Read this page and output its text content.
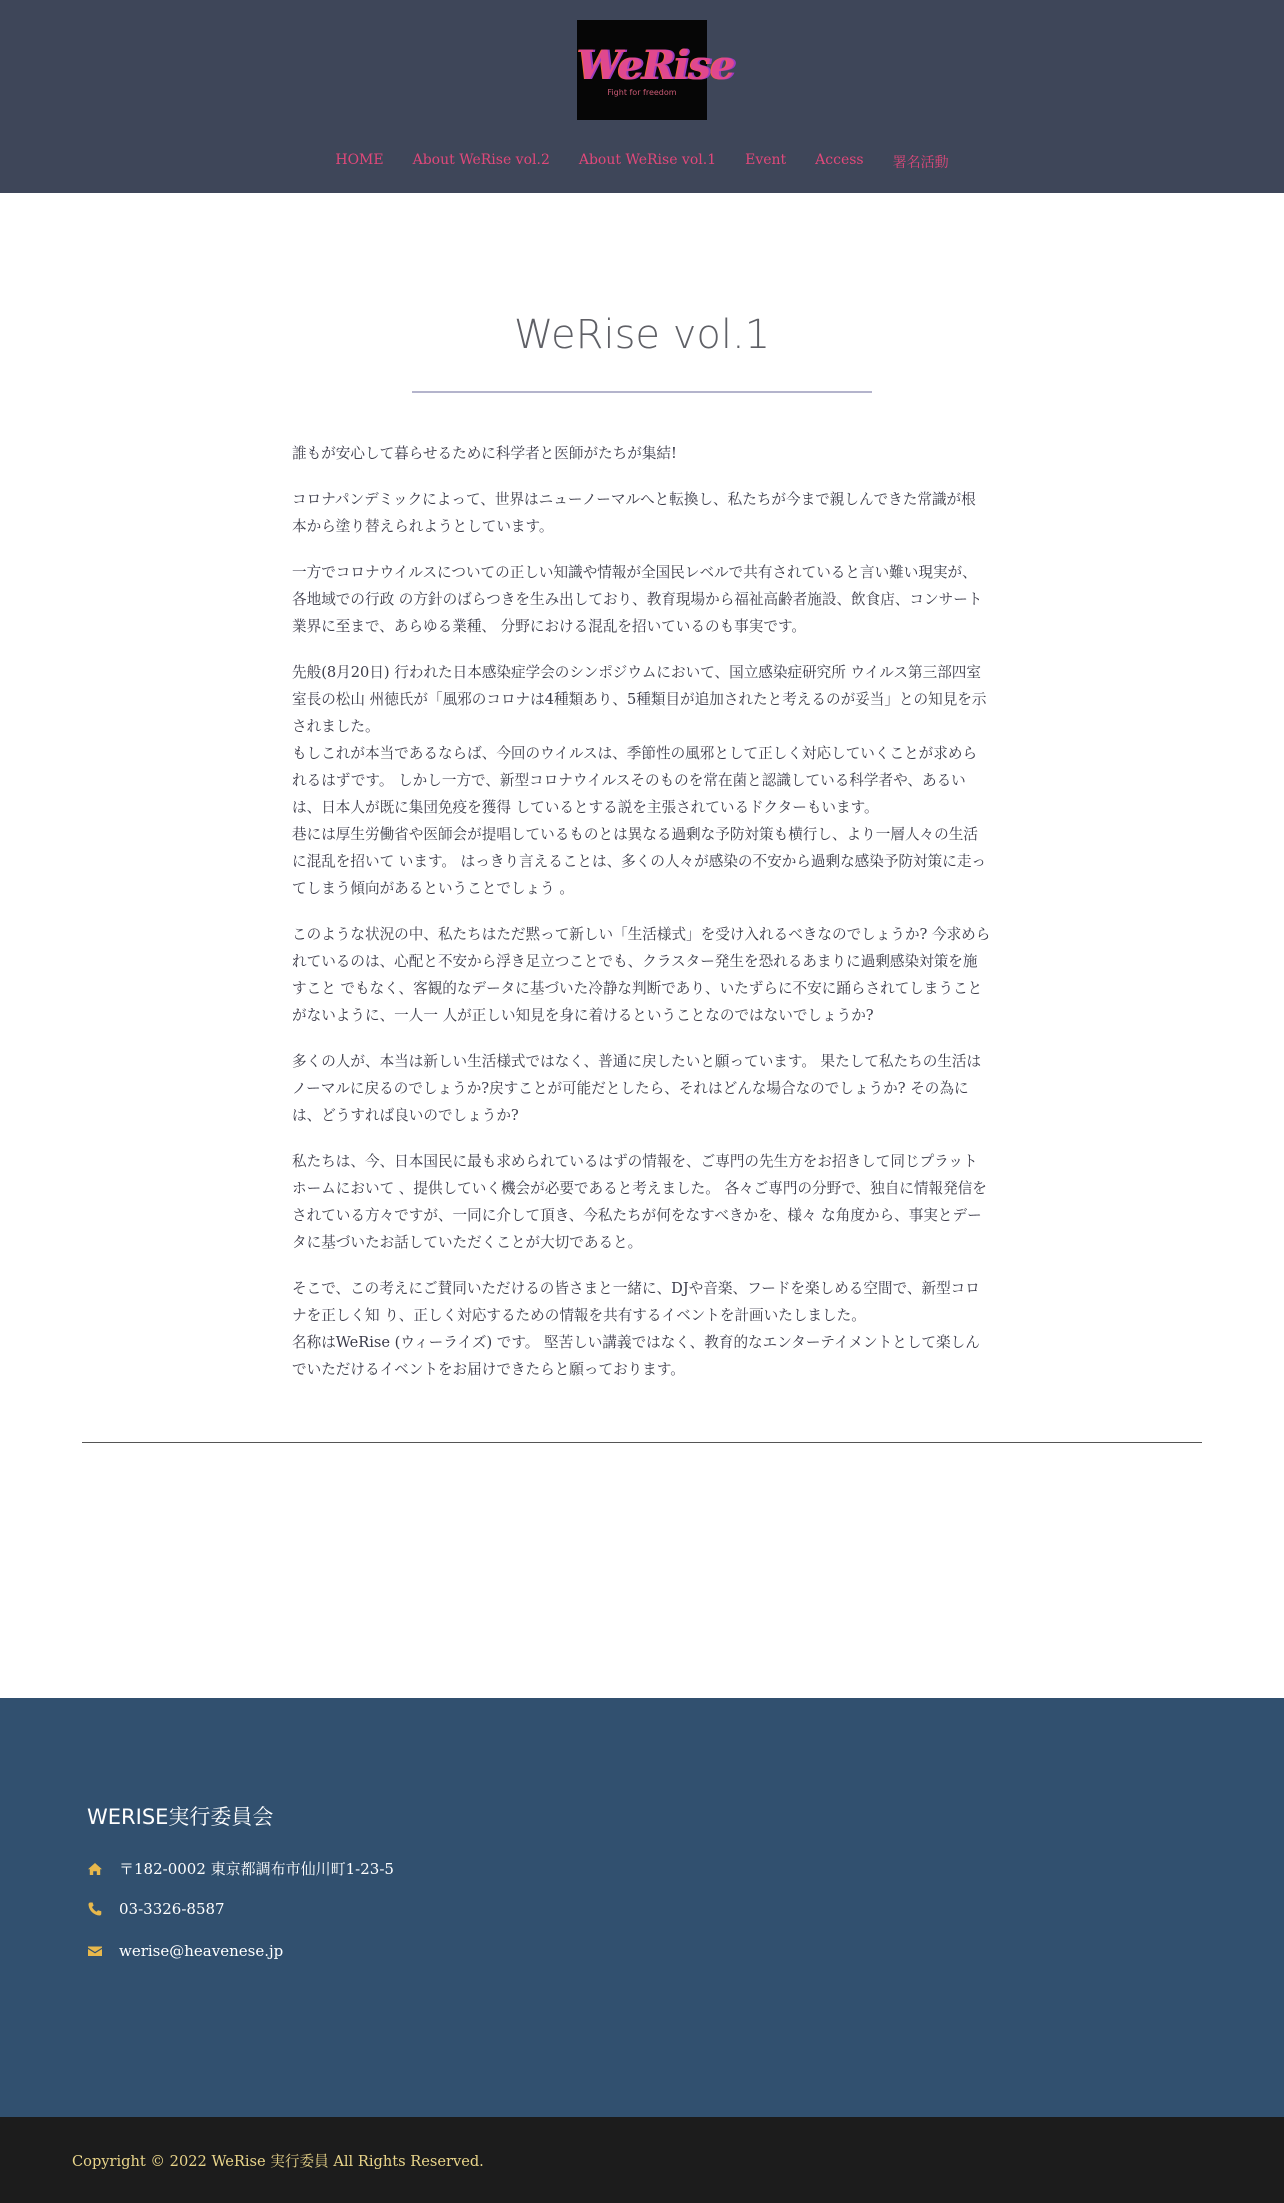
WeRise
Fight for freedom
HOME About WeRise vol.2 About WeRise vol.1 Event Access 署名活動
WeRise vol.1

誰もが安心して暮らせるために科学者と医師がたちが集結!

コロナパンデミックによって、世界はニューノーマルへと転換し、私たちが今まで親しんできた常識が根
本から塗り替えられようとしています。

一方でコロナウイルスについての正しい知識や情報が全国民レベルで共有されていると言い難い現実が、
各地域での行政 の方針のばらつきを生み出しており、教育現場から福祉高齢者施設、飲食店、コンサート
業界に至まで、あらゆる業種、 分野における混乱を招いているのも事実です。

先般(8月20日) 行われた日本感染症学会のシンポジウムにおいて、国立感染症研究所 ウイルス第三部四室
室長の松山 州徳氏が「風邪のコロナは4種類あり、5種類目が追加されたと考えるのが妥当」との知見を示
されました。
もしこれが本当であるならば、今回のウイルスは、季節性の風邪として正しく対応していくことが求めら
れるはずです。 しかし一方で、新型コロナウイルスそのものを常在菌と認識している科学者や、あるい
は、日本人が既に集団免疫を獲得 しているとする説を主張されているドクターもいます。
巷には厚生労働省や医師会が提唱しているものとは異なる過剰な予防対策も横行し、より一層人々の生活
に混乱を招いて います。 はっきり言えることは、多くの人々が感染の不安から過剰な感染予防対策に走っ
てしまう傾向があるということでしょう 。

このような状況の中、私たちはただ黙って新しい「生活様式」を受け入れるべきなのでしょうか? 今求めら
れているのは、心配と不安から浮き足立つことでも、クラスター発生を恐れるあまりに過剰感染対策を施
すこと でもなく、客観的なデータに基づいた冷静な判断であり、いたずらに不安に踊らされてしまうこと
がないように、一人一 人が正しい知見を身に着けるということなのではないでしょうか?

多くの人が、本当は新しい生活様式ではなく、普通に戻したいと願っています。 果たして私たちの生活は
ノーマルに戻るのでしょうか?戻すことが可能だとしたら、それはどんな場合なのでしょうか? その為に
は、どうすれば良いのでしょうか?

私たちは、今、日本国民に最も求められているはずの情報を、ご専門の先生方をお招きして同じプラット
ホームにおいて 、提供していく機会が必要であると考えました。 各々ご専門の分野で、独自に情報発信を
されている方々ですが、一同に介して頂き、今私たちが何をなすべきかを、様々 な角度から、事実とデー
タに基づいたお話していただくことが大切であると。

そこで、この考えにご賛同いただけるの皆さまと一緒に、DJや音楽、フードを楽しめる空間で、新型コロ
ナを正しく知 り、正しく対応するための情報を共有するイベントを計画いたしました。
名称はWeRise (ウィーライズ) です。 堅苦しい講義ではなく、教育的なエンターテイメントとして楽しん
でいただけるイベントをお届けできたらと願っております。

WERISE実行委員会
〒182-0002 東京都調布市仙川町1-23-5
03-3326-8587
werise@heavenese.jp
Copyright © 2022 WeRise 実行委員 All Rights Reserved.
